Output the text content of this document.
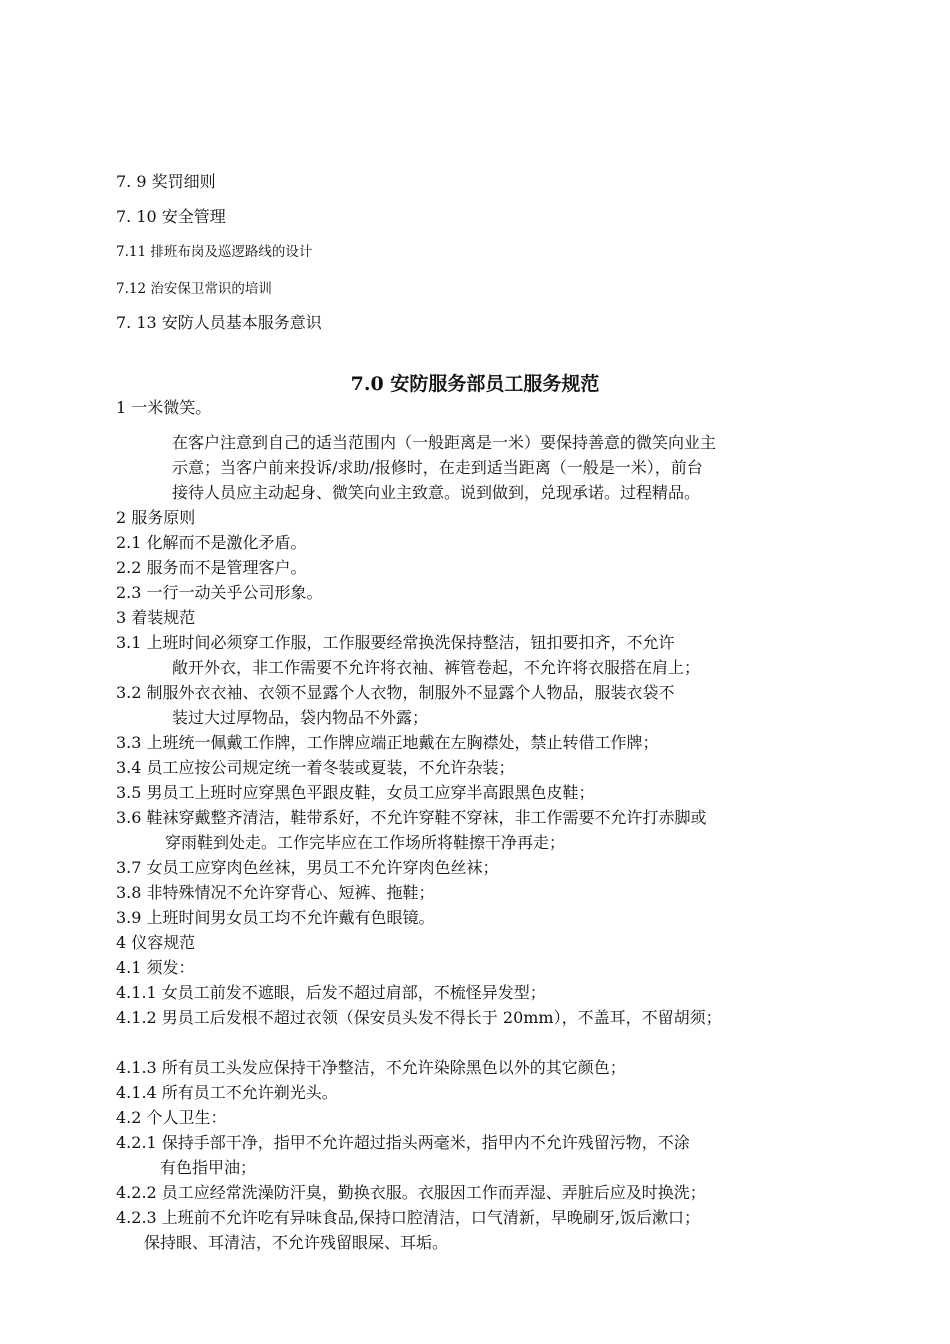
7. 9 奖罚细则
7. 10 安全管理
7.11 排班布岗及巡逻路线的设计
7.12 治安保卫常识的培训
7. 13 安防人员基本服务意识
7.0 安防服务部员工服务规范
1 一米微笑。
在客户注意到自己的适当范围内（一般距离是一米）要保持善意的微笑向业主
示意；当客户前来投诉/求助/报修时，在走到适当距离（一般是一米），前台
接待人员应主动起身、微笑向业主致意。说到做到，兑现承诺。过程精品。
2 服务原则
2.1 化解而不是激化矛盾。
2.2 服务而不是管理客户。
2.3 一行一动关乎公司形象。
3 着装规范
3.1 上班时间必须穿工作服，工作服要经常换洗保持整洁，钮扣要扣齐，不允许
敞开外衣，非工作需要不允许将衣袖、裤管卷起，不允许将衣服搭在肩上；
3.2 制服外衣衣袖、衣领不显露个人衣物，制服外不显露个人物品，服装衣袋不
装过大过厚物品，袋内物品不外露；
3.3 上班统一佩戴工作牌，工作牌应端正地戴在左胸襟处，禁止转借工作牌；
3.4 员工应按公司规定统一着冬装或夏装，不允许杂装；
3.5 男员工上班时应穿黑色平跟皮鞋，女员工应穿半高跟黑色皮鞋；
3.6 鞋袜穿戴整齐清洁，鞋带系好，不允许穿鞋不穿袜，非工作需要不允许打赤脚或
穿雨鞋到处走。工作完毕应在工作场所将鞋擦干净再走；
3.7 女员工应穿肉色丝袜，男员工不允许穿肉色丝袜；
3.8 非特殊情况不允许穿背心、短裤、拖鞋；
3.9 上班时间男女员工均不允许戴有色眼镜。
4 仪容规范
4.1 须发：
4.1.1 女员工前发不遮眼，后发不超过肩部，不梳怪异发型；
4.1.2 男员工后发根不超过衣领（保安员头发不得长于 20mm），不盖耳，不留胡须；
4.1.3 所有员工头发应保持干净整洁，不允许染除黑色以外的其它颜色；
4.1.4 所有员工不允许剃光头。
4.2 个人卫生：
4.2.1 保持手部干净，指甲不允许超过指头两毫米，指甲内不允许残留污物，不涂
有色指甲油；
4.2.2 员工应经常洗澡防汗臭，勤换衣服。衣服因工作而弄湿、弄脏后应及时换洗；
4.2.3 上班前不允许吃有异味食品,保持口腔清洁，口气清新，早晚刷牙,饭后漱口；
保持眼、耳清洁，不允许残留眼屎、耳垢。
